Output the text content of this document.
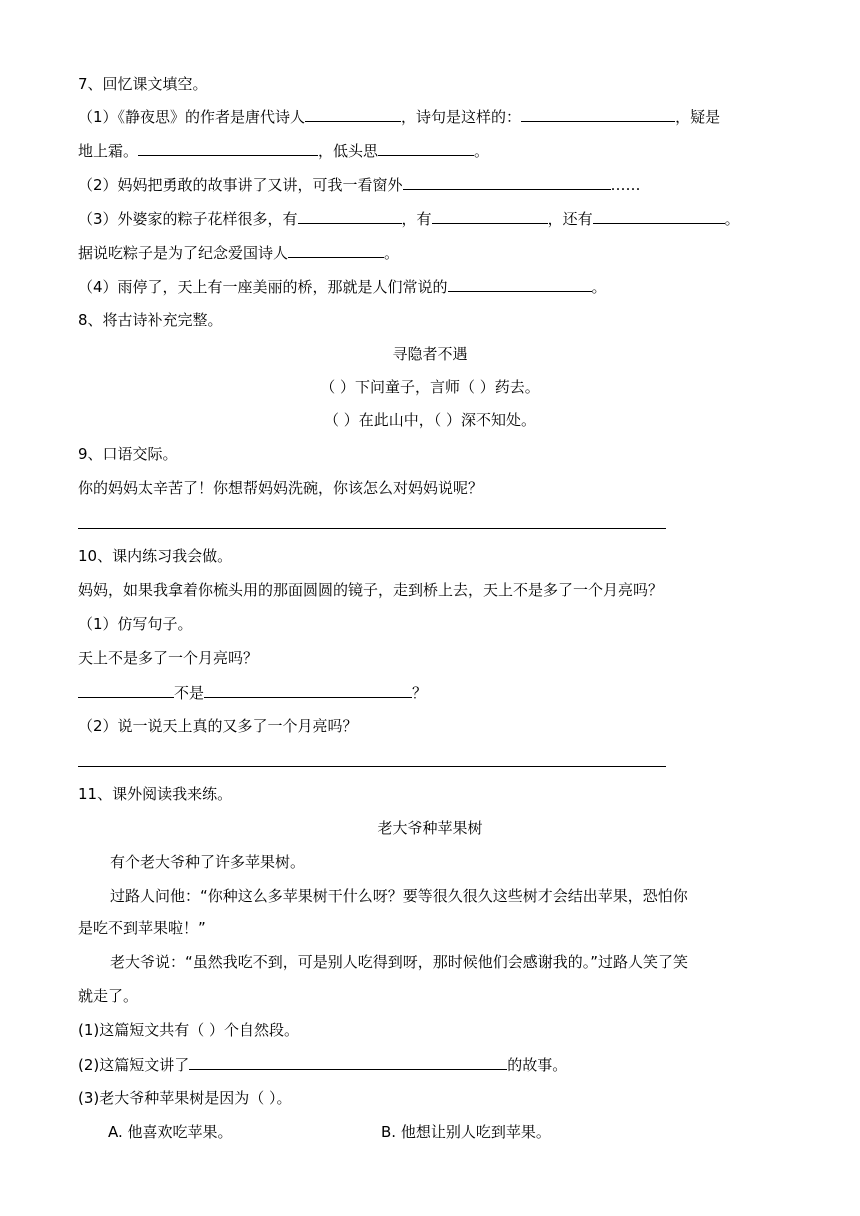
7、回忆课文填空。
（1）《静夜思》的作者是唐代诗人	，诗句是这样的：	，疑是
地上霜。	，低头思	。
（2）妈妈把勇敢的故事讲了又讲，可我一看窗外	……
（3）外婆家的粽子花样很多，有	，有	，还有	。
据说吃粽子是为了纪念爱国诗人	。
（4）雨停了，天上有一座美丽的桥，那就是人们常说的	。
8、将古诗补充完整。
寻隐者不遇
（ ）下问童子，言师（ ）药去。
（ ）在此山中，（ ）深不知处。
9、口语交际。
你的妈妈太辛苦了！你想帮妈妈洗碗，你该怎么对妈妈说呢？
10、课内练习我会做。
妈妈，如果我拿着你梳头用的那面圆圆的镜子，走到桥上去，天上不是多了一个月亮吗？
（1）仿写句子。
天上不是多了一个月亮吗？
不是	？
（2）说一说天上真的又多了一个月亮吗？
11、课外阅读我来练。
老大爷种苹果树
有个老大爷种了许多苹果树。
过路人问他：“你种这么多苹果树干什么呀？要等很久很久这些树才会结出苹果，恐怕你
是吃不到苹果啦！”
老大爷说：“虽然我吃不到，可是别人吃得到呀，那时候他们会感谢我的。”过路人笑了笑
就走了。
(1)这篇短文共有（ ）个自然段。
(2)这篇短文讲了	的故事。
(3)老大爷种苹果树是因为（ ）。
A. 他喜欢吃苹果。	B. 他想让别人吃到苹果。
